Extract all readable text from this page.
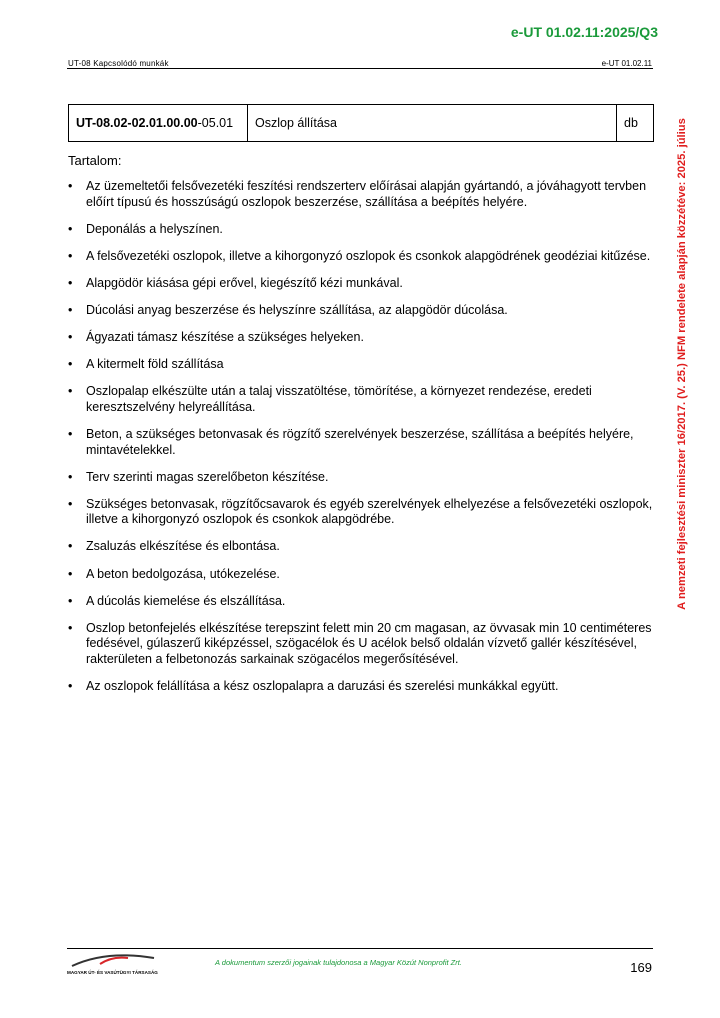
e-UT 01.02.11:2025/Q3
UT-08 Kapcsolódó munkák	e-UT 01.02.11
A nemzeti fejlesztési miniszter 16/2017. (V. 25.) NFM rendelete alapján közzétéve: 2025. július
UT-08.02-02.01.00.00-05.01	Oszlop állítása	db
Tartalom:
• Az üzemeltetői felsővezetéki feszítési rendszerterv előírásai alapján gyártandó, a jóváhagyott tervben előírt típusú és hosszúságú oszlopok beszerzése, szállítása a beépítés helyére.
• Deponálás a helyszínen.
• A felsővezetéki oszlopok, illetve a kihorgonyzó oszlopok és csonkok alapgödrének geodéziai kitűzése.
• Alapgödör kiásása gépi erővel, kiegészítő kézi munkával.
• Dúcolási anyag beszerzése és helyszínre szállítása, az alapgödör dúcolása.
• Ágyazati támasz készítése a szükséges helyeken.
• A kitermelt föld szállítása
• Oszlopalap elkészülte után a talaj visszatöltése, tömörítése, a környezet rendezése, eredeti keresztszelvény helyreállítása.
• Beton, a szükséges betonvasak és rögzítő szerelvények beszerzése, szállítása a beépítés helyére, mintavételekkel.
• Terv szerinti magas szerelőbeton készítése.
• Szükséges betonvasak, rögzítőcsavarok és egyéb szerelvények elhelyezése a felsővezetéki oszlopok, illetve a kihorgonyzó oszlopok és csonkok alapgödrébe.
• Zsaluzás elkészítése és elbontása.
• A beton bedolgozása, utókezelése.
• A dúcolás kiemelése és elszállítása.
• Oszlop betonfejelés elkészítése terepszint felett min 20 cm magasan, az övvasak min 10 centiméteres fedésével, gúlaszerű kiképzéssel, szögacélok és U acélok belső oldalán vízvető gallér készítésével, rakterületen a felbetonozás sarkainak szögacélos megerősítésével.
• Az oszlopok felállítása a kész oszlopalapra a daruzási és szerelési munkákkal együtt.
MAGYAR ÚT- ÉS VASÚTÜGYI TÁRSASÁG
A dokumentum szerzői jogainak tulajdonosa a Magyar Közút Nonprofit Zrt.	169
